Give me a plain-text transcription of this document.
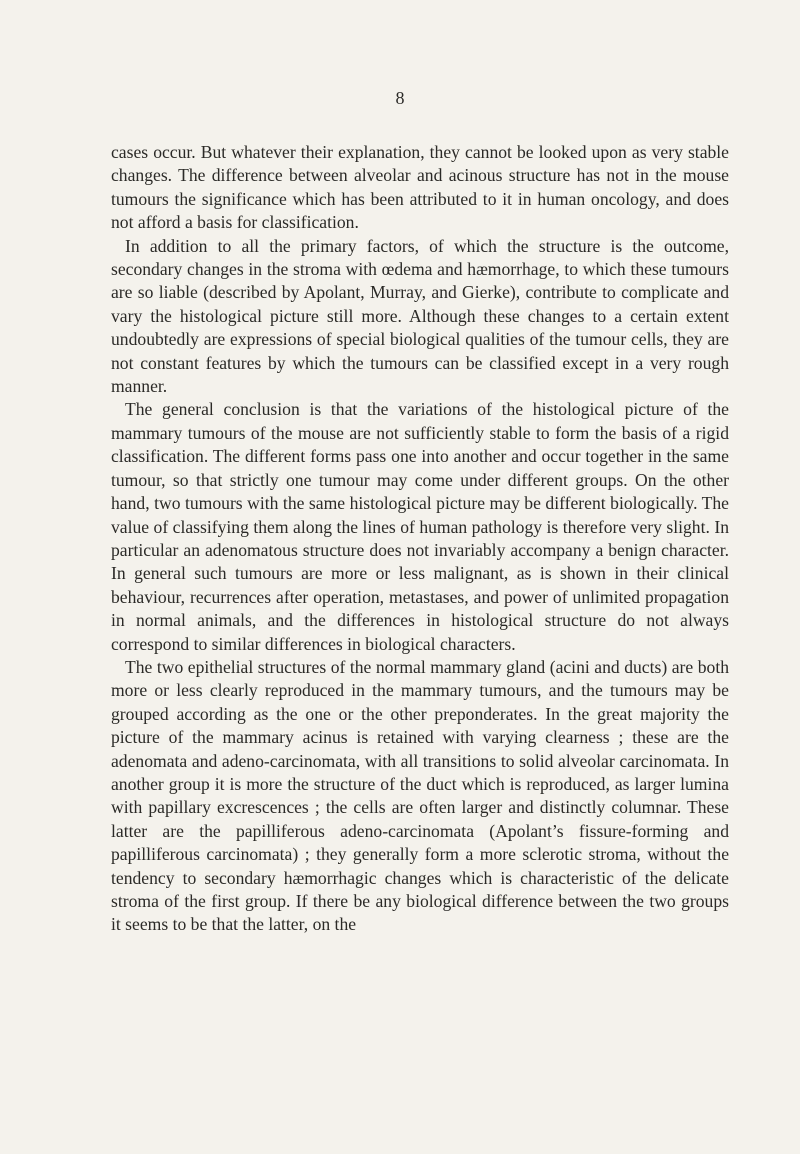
8

cases occur. But whatever their explanation, they cannot be looked upon as very stable changes. The difference between alveolar and acinous structure has not in the mouse tumours the significance which has been attributed to it in human oncology, and does not afford a basis for classification.

In addition to all the primary factors, of which the structure is the outcome, secondary changes in the stroma with œdema and hæmorrhage, to which these tumours are so liable (described by Apolant, Murray, and Gierke), contribute to complicate and vary the histological picture still more. Although these changes to a certain extent undoubtedly are expressions of special biological qualities of the tumour cells, they are not constant features by which the tumours can be classified except in a very rough manner.

The general conclusion is that the variations of the histological picture of the mammary tumours of the mouse are not sufficiently stable to form the basis of a rigid classification. The different forms pass one into another and occur together in the same tumour, so that strictly one tumour may come under different groups. On the other hand, two tumours with the same histological picture may be different biologically. The value of classifying them along the lines of human pathology is therefore very slight. In particular an adenomatous structure does not invariably accompany a benign character. In general such tumours are more or less malignant, as is shown in their clinical behaviour, recurrences after operation, metastases, and power of unlimited propagation in normal animals, and the differences in histological structure do not always correspond to similar differences in biological characters.

The two epithelial structures of the normal mammary gland (acini and ducts) are both more or less clearly reproduced in the mammary tumours, and the tumours may be grouped according as the one or the other preponderates. In the great majority the picture of the mammary acinus is retained with varying clearness ; these are the adenomata and adeno-carcinomata, with all transitions to solid alveolar carcinomata. In another group it is more the structure of the duct which is reproduced, as larger lumina with papillary excrescences ; the cells are often larger and distinctly columnar. These latter are the papilliferous adeno-carcinomata (Apolant’s fissure-forming and papilliferous carcinomata) ; they generally form a more sclerotic stroma, without the tendency to secondary hæmorrhagic changes which is characteristic of the delicate stroma of the first group. If there be any biological difference between the two groups it seems to be that the latter, on the
